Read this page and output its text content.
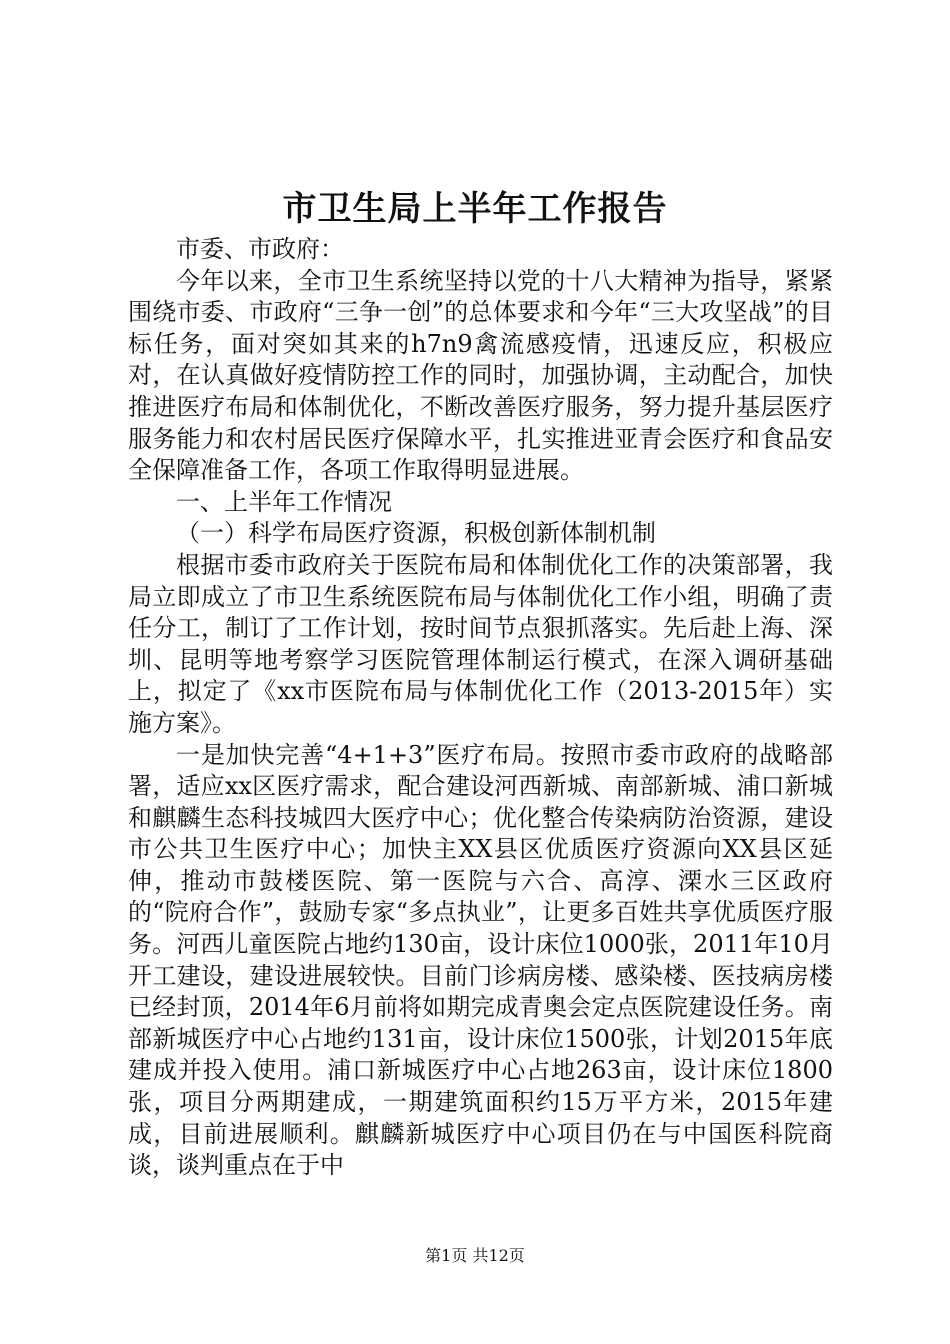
市卫生局上半年工作报告

市委、市政府：

今年以来，全市卫生系统坚持以党的十八大精神为指导，紧紧围绕市委、市政府“三争一创”的总体要求和今年“三大攻坚战”的目标任务，面对突如其来的h7n9禽流感疫情，迅速反应，积极应对，在认真做好疫情防控工作的同时，加强协调，主动配合，加快推进医疗布局和体制优化，不断改善医疗服务，努力提升基层医疗服务能力和农村居民医疗保障水平，扎实推进亚青会医疗和食品安全保障准备工作，各项工作取得明显进展。

一、上半年工作情况

（一）科学布局医疗资源，积极创新体制机制

根据市委市政府关于医院布局和体制优化工作的决策部署，我局立即成立了市卫生系统医院布局与体制优化工作小组，明确了责任分工，制订了工作计划，按时间节点狠抓落实。先后赴上海、深圳、昆明等地考察学习医院管理体制运行模式，在深入调研基础上，拟定了《xx市医院布局与体制优化工作（2013-2015年）实施方案》。

一是加快完善“4+1+3”医疗布局。按照市委市政府的战略部署，适应xx区医疗需求，配合建设河西新城、南部新城、浦口新城和麒麟生态科技城四大医疗中心；优化整合传染病防治资源，建设市公共卫生医疗中心；加快主XX县区优质医疗资源向XX县区延伸，推动市鼓楼医院、第一医院与六合、高淳、溧水三区政府的“院府合作”，鼓励专家“多点执业”，让更多百姓共享优质医疗服务。河西儿童医院占地约130亩，设计床位1000张，2011年10月开工建设，建设进展较快。目前门诊病房楼、感染楼、医技病房楼已经封顶，2014年6月前将如期完成青奥会定点医院建设任务。南部新城医疗中心占地约131亩，设计床位1500张，计划2015年底建成并投入使用。浦口新城医疗中心占地263亩，设计床位1800张，项目分两期建成，一期建筑面积约15万平方米，2015年建成，目前进展顺利。麒麟新城医疗中心项目仍在与中国医科院商谈，谈判重点在于中

第1页 共12页
